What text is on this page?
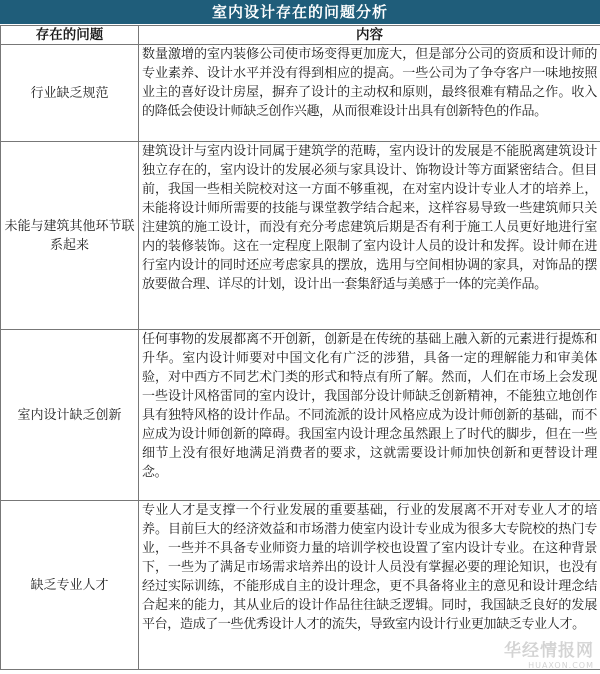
室内设计存在的问题分析
存在的问题	内容
行业缺乏规范	数量激增的室内装修公司使市场变得更加庞大，但是部分公司的资质和设计师的专业素养、设计水平并没有得到相应的提高。一些公司为了争夺客户一味地按照业主的喜好设计房屋，摒弃了设计的主动权和原则，最终很难有精品之作。收入的降低会使设计师缺乏创作兴趣，从而很难设计出具有创新特色的作品。
未能与建筑其他环节联系起来	建筑设计与室内设计同属于建筑学的范畴，室内设计的发展是不能脱离建筑设计独立存在的，室内设计的发展必须与家具设计、饰物设计等方面紧密结合。但目前，我国一些相关院校对这一方面不够重视，在对室内设计专业人才的培养上，未能将设计师所需要的技能与课堂教学结合起来，这样容易导致一些建筑师只关注建筑的施工设计，而没有充分考虑建筑后期是否有利于施工人员更好地进行室内的装修装饰。这在一定程度上限制了室内设计人员的设计和发挥。设计师在进行室内设计的同时还应考虑家具的摆放，选用与空间相协调的家具，对饰品的摆放要做合理、详尽的计划，设计出一套集舒适与美感于一体的完美作品。
室内设计缺乏创新	任何事物的发展都离不开创新，创新是在传统的基础上融入新的元素进行提炼和升华。室内设计师要对中国文化有广泛的涉猎，具备一定的理解能力和审美体验，对中西方不同艺术门类的形式和特点有所了解。然而，人们在市场上会发现一些设计风格雷同的室内设计，我国部分设计师缺乏创新精神，不能独立地创作具有独特风格的设计作品。不同流派的设计风格应成为设计师创新的基础，而不应成为设计师创新的障碍。我国室内设计理念虽然跟上了时代的脚步，但在一些细节上没有很好地满足消费者的要求，这就需要设计师加快创新和更替设计理念。
缺乏专业人才	专业人才是支撑一个行业发展的重要基础，行业的发展离不开对专业人才的培养。目前巨大的经济效益和市场潜力使室内设计专业成为很多大专院校的热门专业，一些并不具备专业师资力量的培训学校也设置了室内设计专业。在这种背景下，一些为了满足市场需求培养出的设计人员没有掌握必要的理论知识，也没有经过实际训练，不能形成自主的设计理念，更不具备将业主的意见和设计理念结合起来的能力，其从业后的设计作品往往缺乏逻辑。同时，我国缺乏良好的发展平台，造成了一些优秀设计人才的流失，导致室内设计行业更加缺乏专业人才。
华经情报网
HUAXON.COM
